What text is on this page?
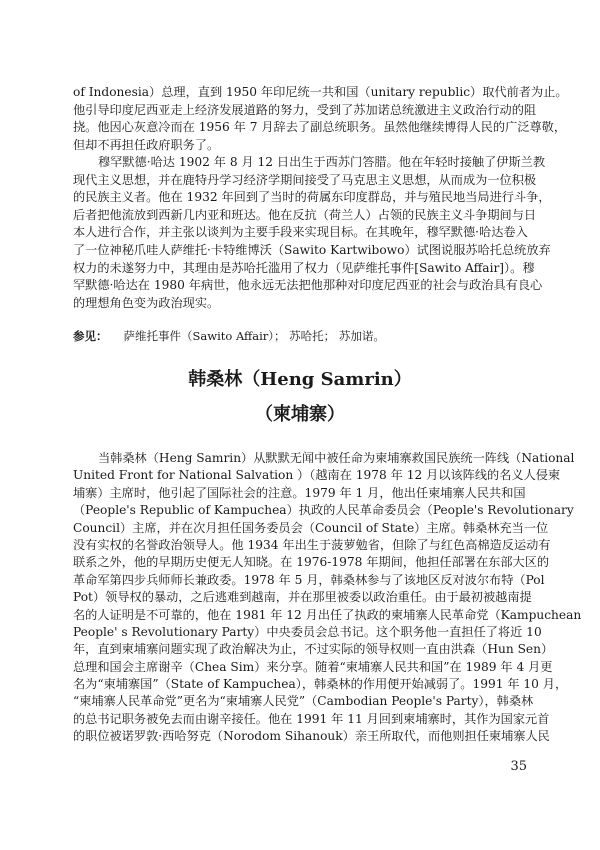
of Indonesia）总理，直到 1950 年印尼统一共和国（unitary republic）取代前者为止。
他引导印度尼西亚走上经济发展道路的努力，受到了苏加诺总统激进主义政治行动的阻
挠。他因心灰意冷而在 1956 年 7 月辞去了副总统职务。虽然他继续博得人民的广泛尊敬，
但却不再担任政府职务了。
穆罕默德·哈达 1902 年 8 月 12 日出生于西苏门答腊。他在年轻时接触了伊斯兰教
现代主义思想，并在鹿特丹学习经济学期间接受了马克思主义思想，从而成为一位积极
的民族主义者。他在 1932 年回到了当时的荷属东印度群岛，并与殖民地当局进行斗争，
后者把他流放到西新几内亚和班达。他在反抗（荷兰人）占领的民族主义斗争期间与日
本人进行合作，并主张以谈判为主要手段来实现目标。在其晚年，穆罕默德·哈达卷入
了一位神秘爪哇人萨维托·卡特维博沃（Sawito Kartwibowo）试图说服苏哈托总统放弃
权力的未遂努力中，其理由是苏哈托滥用了权力（见萨维托事件[Sawito Affair]）。穆
罕默德·哈达在 1980 年病世，他永远无法把他那种对印度尼西亚的社会与政治具有良心
的理想角色变为政治现实。
参见： 萨维托事件（Sawito Affair）； 苏哈托； 苏加诺。
韩桑林（Heng Samrin）
（柬埔寨）
当韩桑林（Heng Samrin）从默默无闻中被任命为柬埔寨救国民族统一阵线（National
United Front for National Salvation ）（越南在 1978 年 12 月以该阵线的名义人侵柬
埔寨）主席时，他引起了国际社会的注意。1979 年 1 月，他出任柬埔寨人民共和国
（People's Republic of Kampuchea）执政的人民革命委员会（People's Revolutionary
Council）主席，并在次月担任国务委员会（Council of State）主席。韩桑林充当一位
没有实权的名誉政治领导人。他 1934 年出生于菠萝勉省，但除了与红色高棉造反运动有
联系之外，他的早期历史便无人知晓。在 1976-1978 年期间，他担任部署在东部大区的
革命军第四步兵师师长兼政委。1978 年 5 月，韩桑林参与了该地区反对波尔布特（Pol
Pot）领导权的暴动，之后逃难到越南，并在那里被委以政治重任。由于最初被越南提
名的人证明是不可靠的，他在 1981 年 12 月出任了执政的柬埔寨人民革命党（Kampuchean
People' s Revolutionary Party）中央委员会总书记。这个职务他一直担任了将近 10
年，直到柬埔寨问题实现了政治解决为止，不过实际的领导权则一直由洪森（Hun Sen）
总理和国会主席谢辛（Chea Sim）来分享。随着“柬埔寨人民共和国”在 1989 年 4 月更
名为“柬埔寨国”（State of Kampuchea），韩桑林的作用便开始减弱了。1991 年 10 月，
“柬埔寨人民革命党”更名为“柬埔寨人民党”（Cambodian People's Party），韩桑林
的总书记职务被免去而由谢辛接任。他在 1991 年 11 月回到柬埔寨时，其作为国家元首
的职位被诺罗敦·西哈努克（Norodom Sihanouk）亲王所取代，而他则担任柬埔寨人民
35
